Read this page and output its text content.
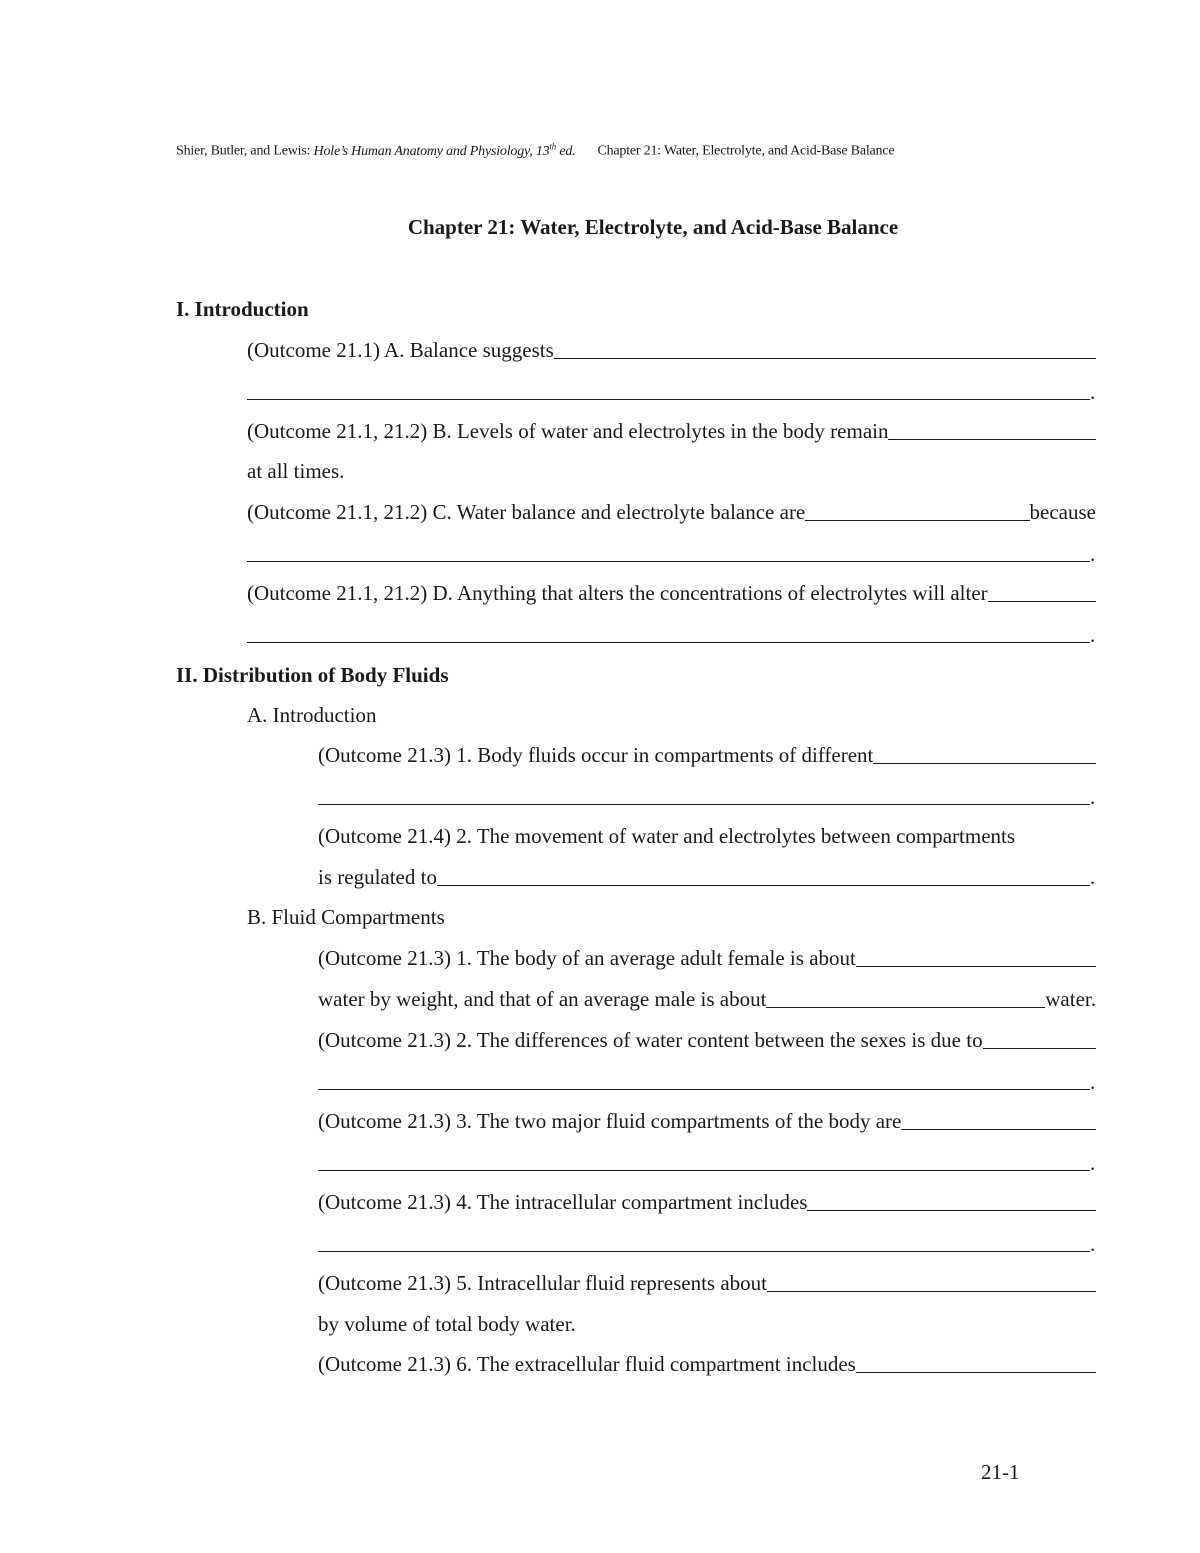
Shier, Butler, and Lewis: Hole’s Human Anatomy and Physiology, 13th ed. Chapter 21: Water, Electrolyte, and Acid-Base Balance
Chapter 21: Water, Electrolyte, and Acid-Base Balance
I. Introduction
(Outcome 21.1) A. Balance suggests
.
(Outcome 21.1, 21.2) B. Levels of water and electrolytes in the body remain
at all times.
(Outcome 21.1, 21.2) C. Water balance and electrolyte balance are	because
.
(Outcome 21.1, 21.2) D. Anything that alters the concentrations of electrolytes will alter
.
II. Distribution of Body Fluids
A. Introduction
(Outcome 21.3) 1. Body fluids occur in compartments of different
.
(Outcome 21.4) 2. The movement of water and electrolytes between compartments
is regulated to	.
B. Fluid Compartments
(Outcome 21.3) 1. The body of an average adult female is about
water by weight, and that of an average male is about	water.
(Outcome 21.3) 2. The differences of water content between the sexes is due to
.
(Outcome 21.3) 3. The two major fluid compartments of the body are
.
(Outcome 21.3) 4. The intracellular compartment includes
.
(Outcome 21.3) 5. Intracellular fluid represents about
by volume of total body water.
(Outcome 21.3) 6. The extracellular fluid compartment includes
21-1
